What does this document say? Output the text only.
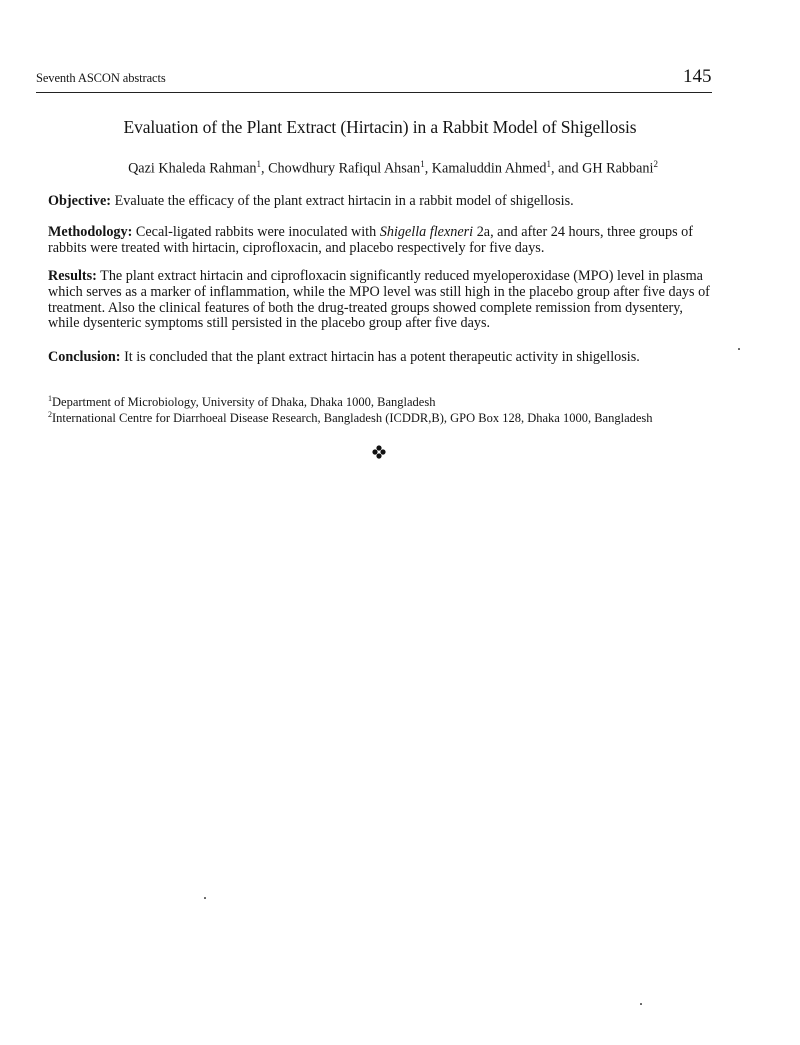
Seventh ASCON abstracts	145
Evaluation of the Plant Extract (Hirtacin) in a Rabbit Model of Shigellosis
Qazi Khaleda Rahman$^1$, Chowdhury Rafiqul Ahsan$^1$, Kamaluddin Ahmed$^1$, and GH Rabbani$^2$
Objective: Evaluate the efficacy of the plant extract hirtacin in a rabbit model of shigellosis.
Methodology: Cecal-ligated rabbits were inoculated with Shigella flexneri 2a, and after 24 hours, three groups of rabbits were treated with hirtacin, ciprofloxacin, and placebo respectively for five days.
Results: The plant extract hirtacin and ciprofloxacin significantly reduced myeloperoxidase (MPO) level in plasma which serves as a marker of inflammation, while the MPO level was still high in the placebo group after five days of treatment. Also the clinical features of both the drug-treated groups showed complete remission from dysentery, while dysenteric symptoms still persisted in the placebo group after five days.
Conclusion: It is concluded that the plant extract hirtacin has a potent therapeutic activity in shigellosis.
$^1$Department of Microbiology, University of Dhaka, Dhaka 1000, Bangladesh
$^2$International Centre for Diarrhoeal Disease Research, Bangladesh (ICDDR,B), GPO Box 128, Dhaka 1000, Bangladesh
